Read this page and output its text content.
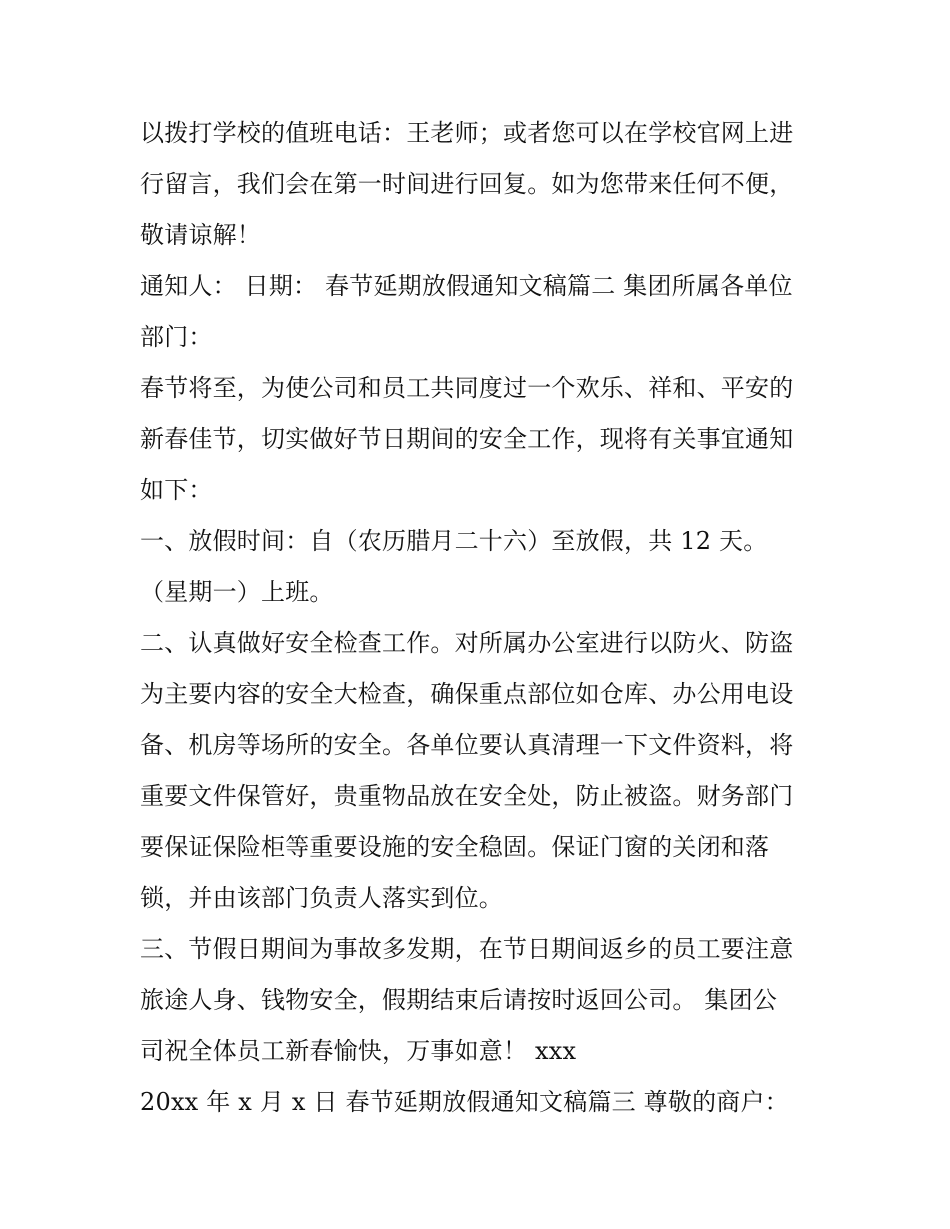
以拨打学校的值班电话：王老师；或者您可以在学校官网上进
行留言，我们会在第一时间进行回复。如为您带来任何不便，
敬请谅解！
通知人： 日期： 春节延期放假通知文稿篇二 集团所属各单位
部门：
春节将至，为使公司和员工共同度过一个欢乐、祥和、平安的
新春佳节，切实做好节日期间的安全工作，现将有关事宜通知
如下：
一、放假时间：自（农历腊月二十六）至放假，共 12 天。
（星期一）上班。
二、认真做好安全检查工作。对所属办公室进行以防火、防盗
为主要内容的安全大检查，确保重点部位如仓库、办公用电设
备、机房等场所的安全。各单位要认真清理一下文件资料，将
重要文件保管好，贵重物品放在安全处，防止被盗。财务部门
要保证保险柜等重要设施的安全稳固。保证门窗的关闭和落
锁，并由该部门负责人落实到位。
三、节假日期间为事故多发期，在节日期间返乡的员工要注意
旅途人身、钱物安全，假期结束后请按时返回公司。 集团公
司祝全体员工新春愉快，万事如意！ xxx
20xx 年 x 月 x 日 春节延期放假通知文稿篇三 尊敬的商户：
